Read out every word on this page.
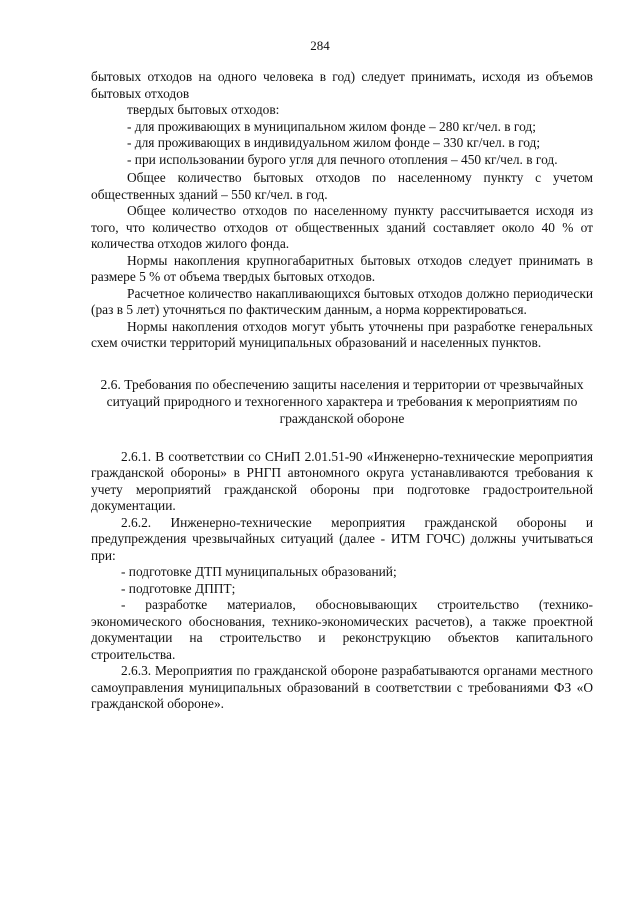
284

бытовых отходов на одного человека в год) следует принимать, исходя из объемов бытовых отходов

твердых бытовых отходов:

- для проживающих в муниципальном жилом фонде – 280 кг/чел. в год;

- для проживающих в индивидуальном жилом фонде – 330 кг/чел. в год;

- при использовании бурого угля для печного отопления – 450 кг/чел. в год.

Общее количество бытовых отходов по населенному пункту с учетом общественных зданий – 550 кг/чел. в год.

Общее количество отходов по населенному пункту рассчитывается исходя из того, что количество отходов от общественных зданий составляет около 40 % от количества отходов жилого фонда.

Нормы накопления крупногабаритных бытовых отходов следует принимать в размере 5 % от объема твердых бытовых отходов.

Расчетное количество накапливающихся бытовых отходов должно периодически (раз в 5 лет) уточняться по фактическим данным, а норма корректироваться.

Нормы накопления отходов могут убыть уточнены при разработке генеральных схем очистки территорий муниципальных образований и населенных пунктов.

2.6. Требования по обеспечению защиты населения и территории от чрезвычайных ситуаций природного и техногенного характера и требования к мероприятиям по гражданской обороне

2.6.1. В соответствии со СНиП 2.01.51-90 «Инженерно-технические мероприятия гражданской обороны» в РНГП автономного округа устанавливаются требования к учету мероприятий гражданской обороны при подготовке градостроительной документации.

2.6.2. Инженерно-технические мероприятия гражданской обороны и предупреждения чрезвычайных ситуаций (далее - ИТМ ГОЧС) должны учитываться при:

- подготовке ДТП муниципальных образований;

- подготовке ДППТ;

- разработке материалов, обосновывающих строительство (технико-экономического обоснования, технико-экономических расчетов), а также проектной документации на строительство и реконструкцию объектов капитального строительства.

2.6.3. Мероприятия по гражданской обороне разрабатываются органами местного самоуправления муниципальных образований в соответствии с требованиями ФЗ «О гражданской обороне».
